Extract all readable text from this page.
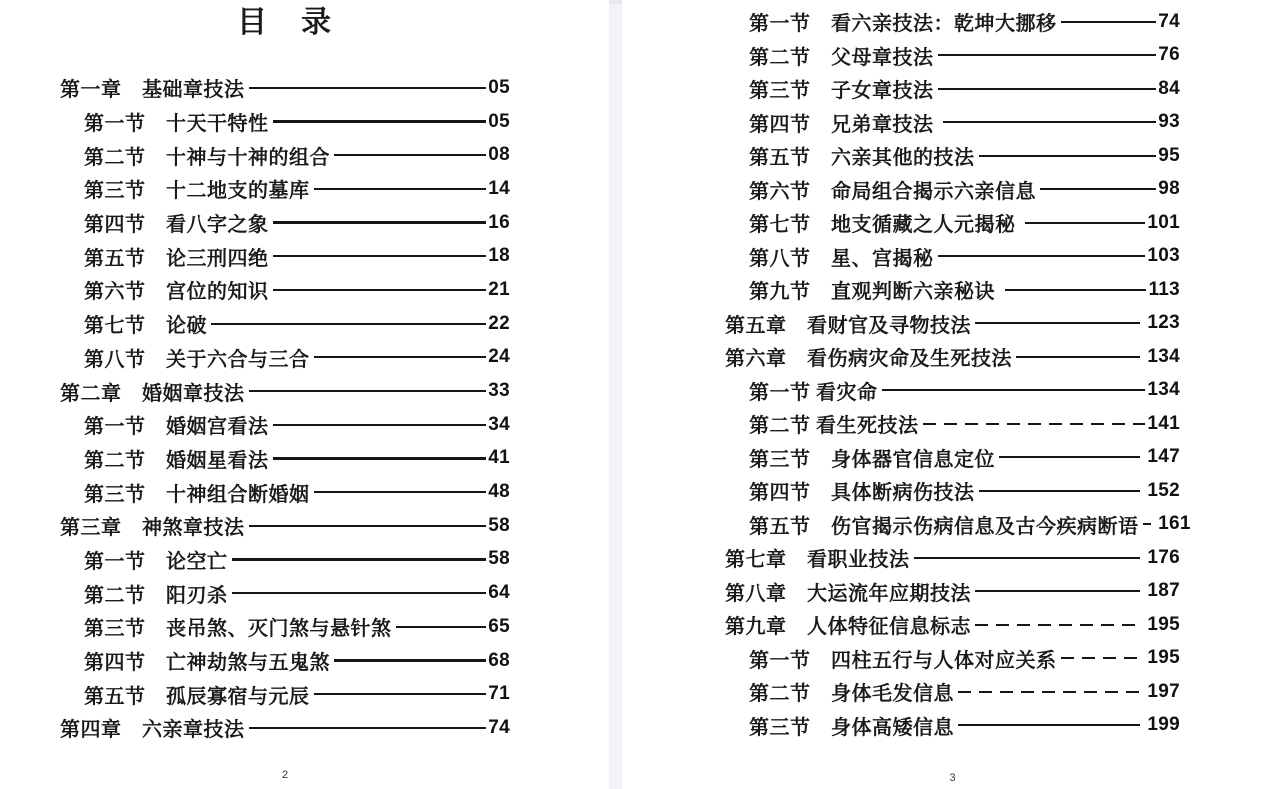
目　录
第一章　基础章技法	05
第一节　十天干特性	05
第二节　十神与十神的组合	08
第三节　十二地支的墓库	14
第四节　看八字之象	16
第五节　论三刑四绝	18
第六节　宫位的知识	21
第七节　论破	22
第八节　关于六合与三合	24
第二章　婚姻章技法	33
第一节　婚姻宫看法	34
第二节　婚姻星看法	41
第三节　十神组合断婚姻	48
第三章　神煞章技法	58
第一节　论空亡	58
第二节　阳刃杀	64
第三节　丧吊煞、灭门煞与悬针煞	65
第四节　亡神劫煞与五鬼煞	68
第五节　孤辰寡宿与元辰	71
第四章　六亲章技法	74
2
第一节　看六亲技法：乾坤大挪移	74
第二节　父母章技法	76
第三节　子女章技法	84
第四节　兄弟章技法	93
第五节　六亲其他的技法	95
第六节　命局组合揭示六亲信息	98
第七节　地支循藏之人元揭秘	101
第八节　星、宫揭秘	103
第九节　直观判断六亲秘诀	113
第五章　看财官及寻物技法	123
第六章　看伤病灾命及生死技法	134
第一节 看灾命	134
第二节 看生死技法	141
第三节　身体器官信息定位	147
第四节　具体断病伤技法	152
第五节　伤官揭示伤病信息及古今疾病断语 161
第七章　看职业技法	176
第八章　大运流年应期技法	187
第九章　人体特征信息标志	195
第一节　四柱五行与人体对应关系	195
第二节　身体毛发信息	197
第三节　身体高矮信息	199
3
